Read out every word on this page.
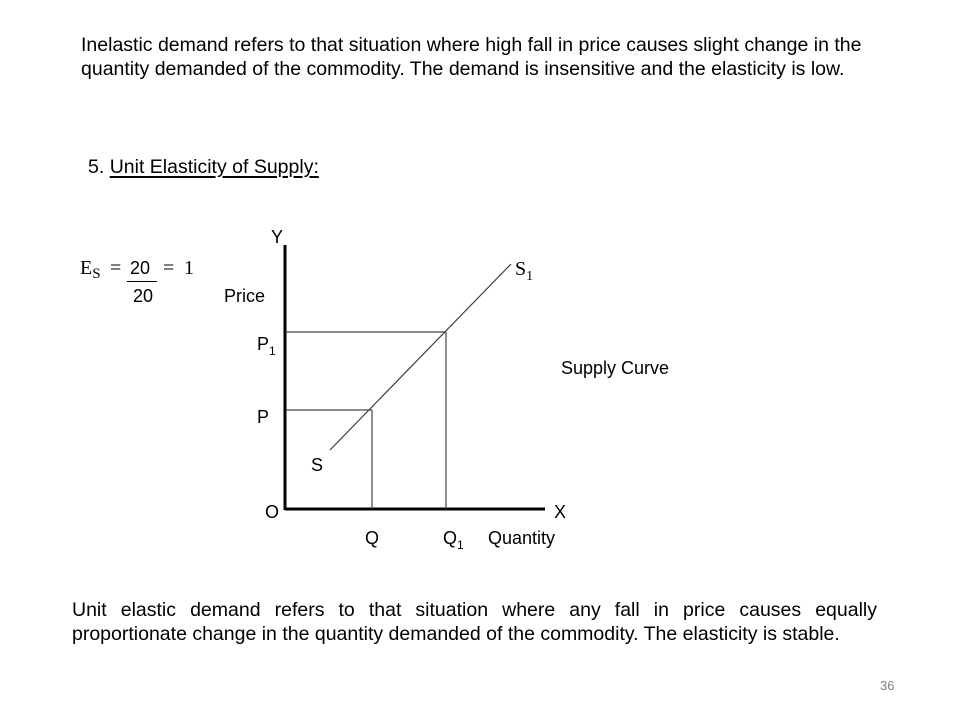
Inelastic demand refers to that situation where high fall in price causes slight change in the quantity demanded of the commodity. The demand is insensitive and the elasticity is low.
5. Unit Elasticity of Supply:
$E_S = 20$
20
= 1
Y
Price
$P_1$
P
S
$S_1$
Supply Curve
O	X
Q	$Q_1$ Quantity
Unit elastic demand refers to that situation where any fall in price causes equally proportionate change in the quantity demanded of the commodity. The elasticity is stable.
36
